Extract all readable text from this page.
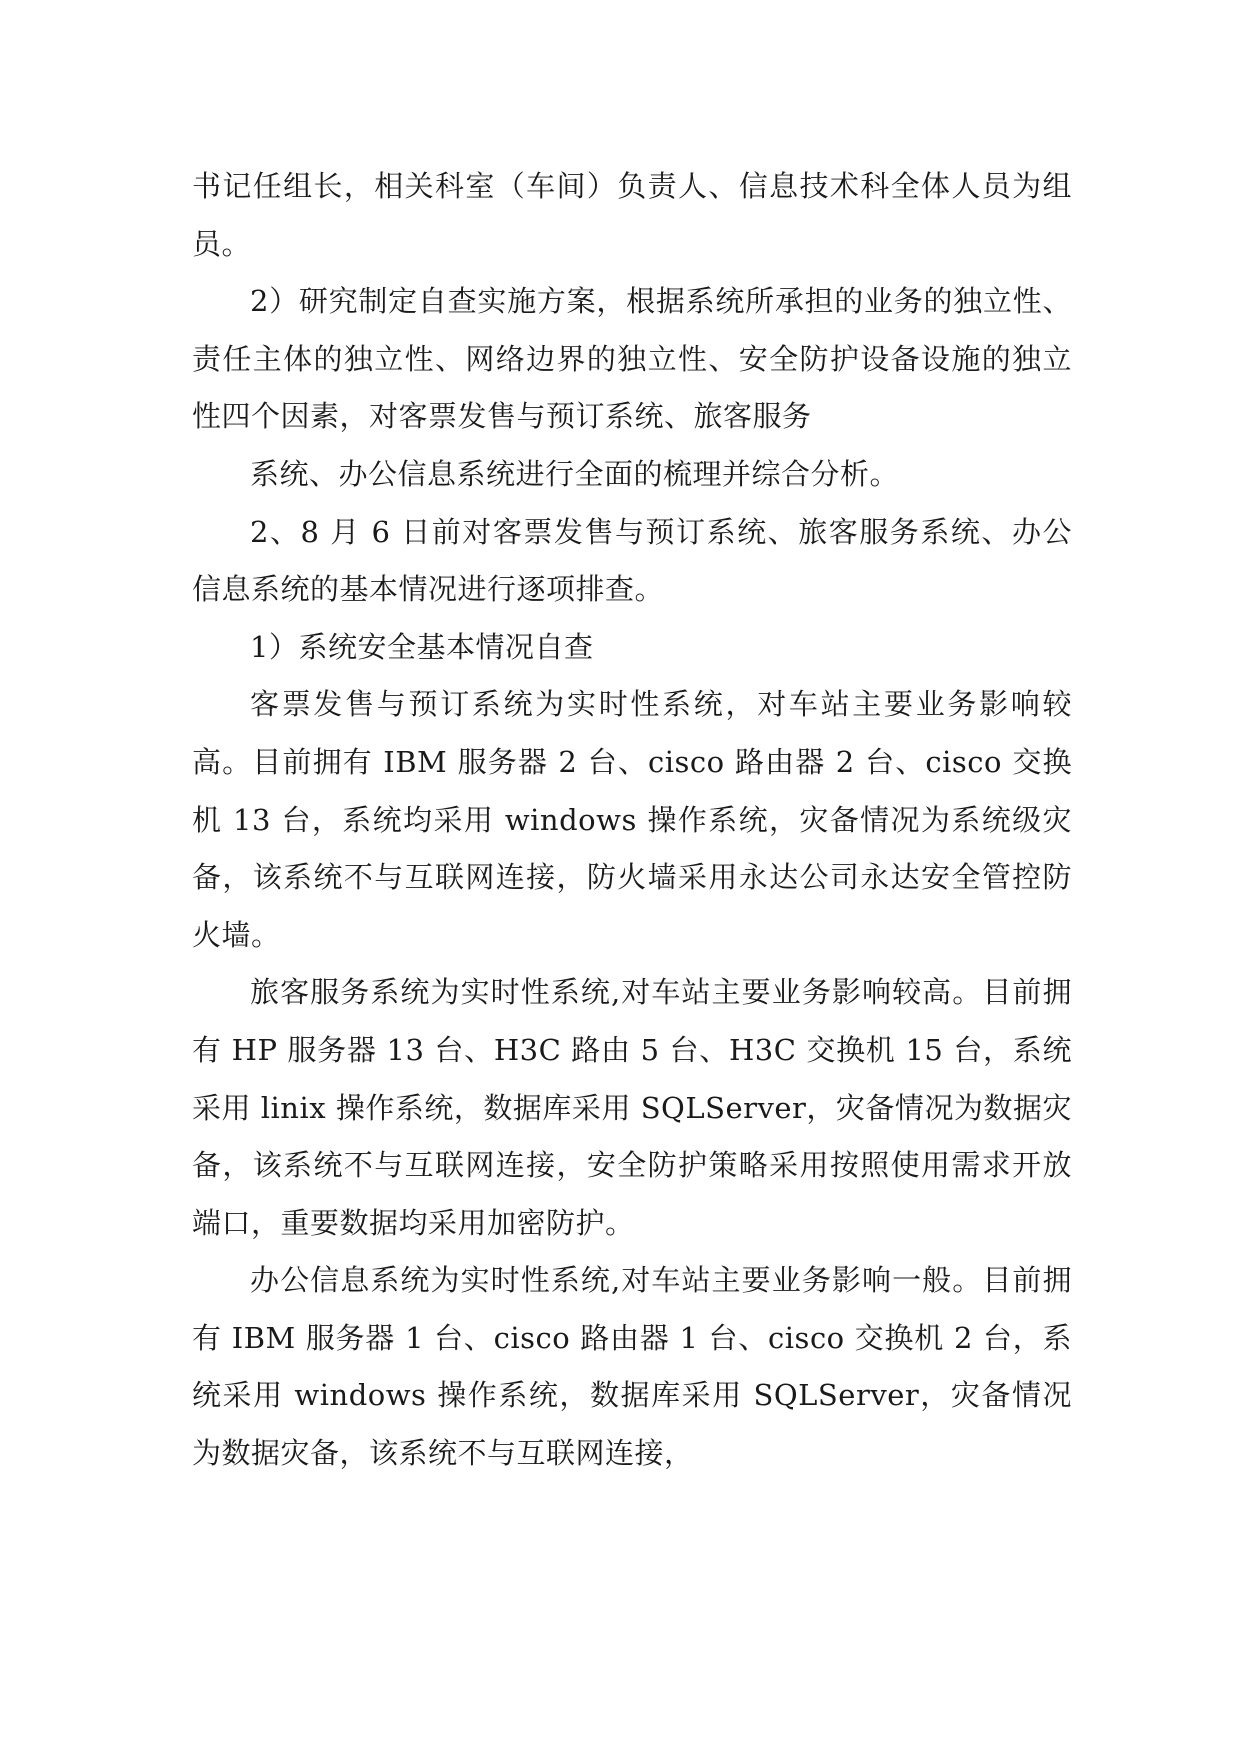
书记任组长，相关科室（车间）负责人、信息技术科全体人员为组员。

2）研究制定自查实施方案，根据系统所承担的业务的独立性、责任主体的独立性、网络边界的独立性、安全防护设备设施的独立性四个因素，对客票发售与预订系统、旅客服务

系统、办公信息系统进行全面的梳理并综合分析。

2、8 月 6 日前对客票发售与预订系统、旅客服务系统、办公信息系统的基本情况进行逐项排查。

1）系统安全基本情况自查

客票发售与预订系统为实时性系统，对车站主要业务影响较高。目前拥有 IBM 服务器 2 台、cisco 路由器 2 台、cisco 交换机 13 台，系统均采用 windows 操作系统，灾备情况为系统级灾备，该系统不与互联网连接，防火墙采用永达公司永达安全管控防火墙。

旅客服务系统为实时性系统,对车站主要业务影响较高。目前拥有 HP 服务器 13 台、H3C 路由 5 台、H3C 交换机 15 台，系统采用 linix 操作系统，数据库采用 SQLServer，灾备情况为数据灾备，该系统不与互联网连接，安全防护策略采用按照使用需求开放端口，重要数据均采用加密防护。

办公信息系统为实时性系统,对车站主要业务影响一般。目前拥有 IBM 服务器 1 台、cisco 路由器 1 台、cisco 交换机 2 台，系统采用 windows 操作系统，数据库采用 SQLServer，灾备情况为数据灾备，该系统不与互联网连接，
